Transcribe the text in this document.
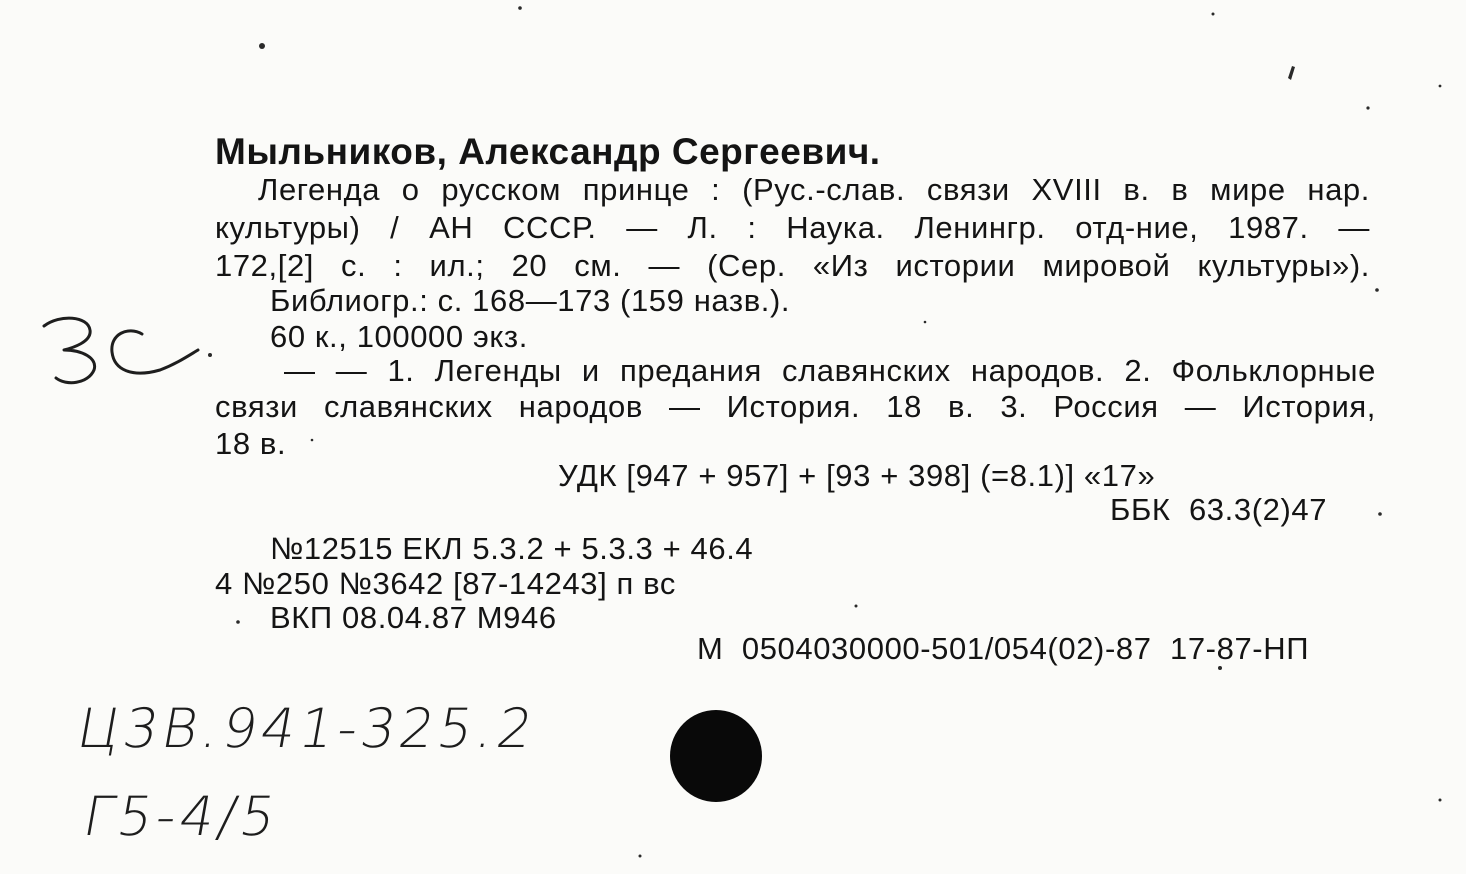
Мыльников, Александр Сергеевич.
Легенда о русском принце : (Рус.-слав. связи XVIII в. в мире нар.
культуры) / АН СССР. — Л. : Наука. Ленингр. отд-ние, 1987. —
172,[2] с. : ил.; 20 см. — (Сер. «Из истории мировой культуры»).
Библиогр.: с. 168—173 (159 назв.).
60 к., 100000 экз.
— — 1. Легенды и предания славянских народов. 2. Фольклорные
связи славянских народов — История. 18 в. 3. Россия — История,
18 в.
УДК [947 + 957] + [93 + 398] (=8.1)] «17»
ББК  63.3(2)47
№12515 ЕКЛ 5.3.2 + 5.3.3 + 46.4
4 №250 №3642 [87-14243] п вс
ВКП 08.04.87 М946
М  0504030000-501/054(02)-87  17-87-НП
Ц3В.941-325.2
Г5-4/5
